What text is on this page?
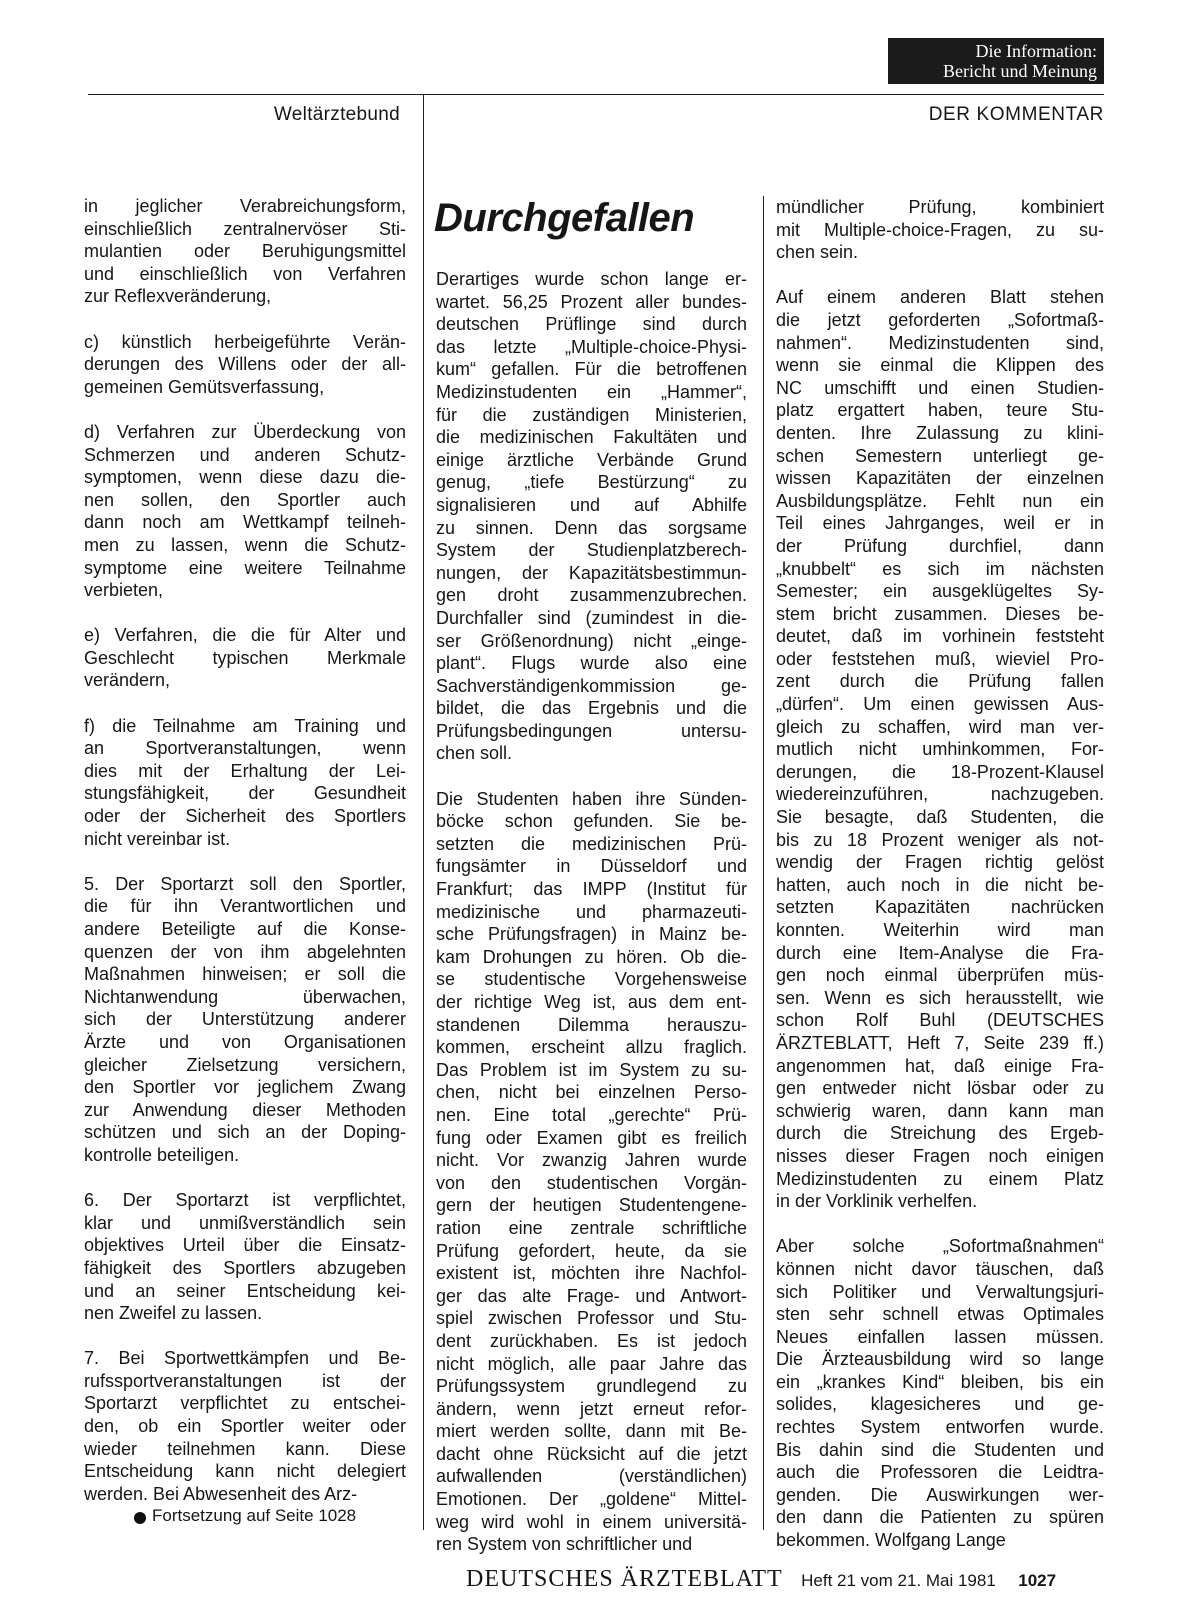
Die Information:
Bericht und Meinung
Weltärztebund	DER KOMMENTAR

in jeglicher Verabreichungsform,
einschließlich zentralnervöser Sti-
mulantien oder Beruhigungsmittel
und einschließlich von Verfahren
zur Reflexveränderung,

c) künstlich herbeigeführte Verän-
derungen des Willens oder der all-
gemeinen Gemütsverfassung,

d) Verfahren zur Überdeckung von
Schmerzen und anderen Schutz-
symptomen, wenn diese dazu die-
nen sollen, den Sportler auch
dann noch am Wettkampf teilneh-
men zu lassen, wenn die Schutz-
symptome eine weitere Teilnahme
verbieten,

e) Verfahren, die die für Alter und
Geschlecht typischen Merkmale
verändern,

f) die Teilnahme am Training und
an Sportveranstaltungen, wenn
dies mit der Erhaltung der Lei-
stungsfähigkeit, der Gesundheit
oder der Sicherheit des Sportlers
nicht vereinbar ist.

5. Der Sportarzt soll den Sportler,
die für ihn Verantwortlichen und
andere Beteiligte auf die Konse-
quenzen der von ihm abgelehnten
Maßnahmen hinweisen; er soll die
Nichtanwendung überwachen,
sich der Unterstützung anderer
Ärzte und von Organisationen
gleicher Zielsetzung versichern,
den Sportler vor jeglichem Zwang
zur Anwendung dieser Methoden
schützen und sich an der Doping-
kontrolle beteiligen.

6. Der Sportarzt ist verpflichtet,
klar und unmißverständlich sein
objektives Urteil über die Einsatz-
fähigkeit des Sportlers abzugeben
und an seiner Entscheidung kei-
nen Zweifel zu lassen.

7. Bei Sportwettkämpfen und Be-
rufssportveranstaltungen ist der
Sportarzt verpflichtet zu entschei-
den, ob ein Sportler weiter oder
wieder teilnehmen kann. Diese
Entscheidung kann nicht delegiert
werden. Bei Abwesenheit des Arz-

Durchgefallen

Derartiges wurde schon lange er-
wartet. 56,25 Prozent aller bundes-
deutschen Prüflinge sind durch
das letzte „Multiple-choice-Physi-
kum“ gefallen. Für die betroffenen
Medizinstudenten ein „Hammer“,
für die zuständigen Ministerien,
die medizinischen Fakultäten und
einige ärztliche Verbände Grund
genug, „tiefe Bestürzung“ zu
signalisieren und auf Abhilfe
zu sinnen. Denn das sorgsame
System der Studienplatzberech-
nungen, der Kapazitätsbestimmun-
gen droht zusammenzubrechen.
Durchfaller sind (zumindest in die-
ser Größenordnung) nicht „einge-
plant“. Flugs wurde also eine
Sachverständigenkommission ge-
bildet, die das Ergebnis und die
Prüfungsbedingungen untersu-
chen soll.

Die Studenten haben ihre Sünden-
böcke schon gefunden. Sie be-
setzten die medizinischen Prü-
fungsämter in Düsseldorf und
Frankfurt; das IMPP (Institut für
medizinische und pharmazeuti-
sche Prüfungsfragen) in Mainz be-
kam Drohungen zu hören. Ob die-
se studentische Vorgehensweise
der richtige Weg ist, aus dem ent-
standenen Dilemma herauszu-
kommen, erscheint allzu fraglich.
Das Problem ist im System zu su-
chen, nicht bei einzelnen Perso-
nen. Eine total „gerechte“ Prü-
fung oder Examen gibt es freilich
nicht. Vor zwanzig Jahren wurde
von den studentischen Vorgän-
gern der heutigen Studentengene-
ration eine zentrale schriftliche
Prüfung gefordert, heute, da sie
existent ist, möchten ihre Nachfol-
ger das alte Frage- und Antwort-
spiel zwischen Professor und Stu-
dent zurückhaben. Es ist jedoch
nicht möglich, alle paar Jahre das
Prüfungssystem grundlegend zu
ändern, wenn jetzt erneut refor-
miert werden sollte, dann mit Be-
dacht ohne Rücksicht auf die jetzt
aufwallenden (verständlichen)
Emotionen. Der „goldene“ Mittel-
weg wird wohl in einem universitä-
ren System von schriftlicher und

mündlicher Prüfung, kombiniert
mit Multiple-choice-Fragen, zu su-
chen sein.

Auf einem anderen Blatt stehen
die jetzt geforderten „Sofortmaß-
nahmen“. Medizinstudenten sind,
wenn sie einmal die Klippen des
NC umschifft und einen Studien-
platz ergattert haben, teure Stu-
denten. Ihre Zulassung zu klini-
schen Semestern unterliegt ge-
wissen Kapazitäten der einzelnen
Ausbildungsplätze. Fehlt nun ein
Teil eines Jahrganges, weil er in
der Prüfung durchfiel, dann
„knubbelt“ es sich im nächsten
Semester; ein ausgeklügeltes Sy-
stem bricht zusammen. Dieses be-
deutet, daß im vorhinein feststeht
oder feststehen muß, wieviel Pro-
zent durch die Prüfung fallen
„dürfen“. Um einen gewissen Aus-
gleich zu schaffen, wird man ver-
mutlich nicht umhinkommen, For-
derungen, die 18-Prozent-Klausel
wiedereinzuführen, nachzugeben.
Sie besagte, daß Studenten, die
bis zu 18 Prozent weniger als not-
wendig der Fragen richtig gelöst
hatten, auch noch in die nicht be-
setzten Kapazitäten nachrücken
konnten. Weiterhin wird man
durch eine Item-Analyse die Fra-
gen noch einmal überprüfen müs-
sen. Wenn es sich herausstellt, wie
schon Rolf Buhl (DEUTSCHES
ÄRZTEBLATT, Heft 7, Seite 239 ff.)
angenommen hat, daß einige Fra-
gen entweder nicht lösbar oder zu
schwierig waren, dann kann man
durch die Streichung des Ergeb-
nisses dieser Fragen noch einigen
Medizinstudenten zu einem Platz
in der Vorklinik verhelfen.

Aber solche „Sofortmaßnahmen“
können nicht davor täuschen, daß
sich Politiker und Verwaltungsjuri-
sten sehr schnell etwas Optimales
Neues einfallen lassen müssen.
Die Ärzteausbildung wird so lange
ein „krankes Kind“ bleiben, bis ein
solides, klagesicheres und ge-
rechtes System entworfen wurde.
Bis dahin sind die Studenten und
auch die Professoren die Leidtra-
genden. Die Auswirkungen wer-
den dann die Patienten zu spüren
bekommen. Wolfgang Lange

Fortsetzung auf Seite 1028
DEUTSCHES ÄRZTEBLATT Heft 21 vom 21. Mai 1981 1027
